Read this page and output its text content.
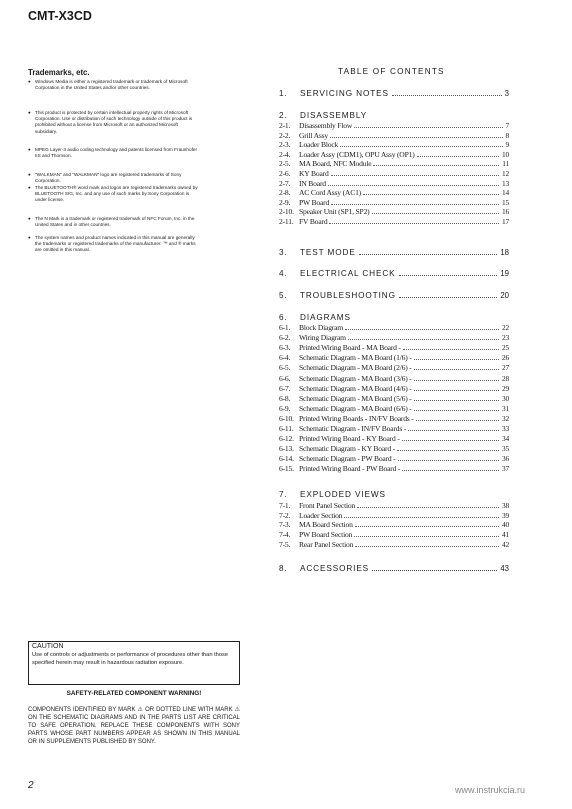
CMT-X3CD
Trademarks, etc.
● Windows Media is either a registered trademark or trademark of Microsoft Corporation in the United States and/or other countries.
● This product is protected by certain intellectual property rights of Microsoft Corporation. Use or distribution of such technology outside of this product is prohibited without a license from Microsoft or an authorized Microsoft subsidiary.
● MPEG Layer-3 audio coding technology and patents licensed from Fraunhofer IIS and Thomson.
● "WALKMAN" and "WALKMAN" logo are registered trademarks of Sony Corporation.
● The BLUETOOTH® word mark and logos are registered trademarks owned by BLUETOOTH SIG, Inc. and any use of such marks by Sony Corporation is under license.
● The N Mark is a trademark or registered trademark of NFC Forum, Inc. in the United States and in other countries.
● The system names and product names indicated in this manual are generally the trademarks or registered trademarks of the manufacturer. ™ and ® marks are omitted in this manual.
TABLE OF CONTENTS
1.	SERVICING NOTES	3
2. DISASSEMBLY
2-1.	Disassembly Flow	7
2-2.	Grill Assy	8
2-3.	Loader Block	9
2-4.	Loader Assy (CDM1), OPU Assy (OP1)	10
2-5.	MA Board, NFC Module	11
2-6.	KY Board	12
2-7.	IN Board	13
2-8.	AC Cord Assy (AC1)	14
2-9.	PW Board	15
2-10. Speaker Unit (SP1, SP2)	16
2-11. FV Board	17
3.	TEST MODE	18
4.	ELECTRICAL CHECK	19
5.	TROUBLESHOOTING	20
6. DIAGRAMS
6-1.	Block Diagram	22
6-2.	Wiring Diagram	23
6-3.	Printed Wiring Board - MA Board -	25
6-4.	Schematic Diagram - MA Board (1/6) -	26
6-5.	Schematic Diagram - MA Board (2/6) -	27
6-6.	Schematic Diagram - MA Board (3/6) -	28
6-7.	Schematic Diagram - MA Board (4/6) -	29
6-8.	Schematic Diagram - MA Board (5/6) -	30
6-9.	Schematic Diagram - MA Board (6/6) -	31
6-10. Printed Wiring Boards - IN/FV Boards -	32
6-11. Schematic Diagram - IN/FV Boards -	33
6-12. Printed Wiring Board - KY Board -	34
6-13. Schematic Diagram - KY Board -	35
6-14. Schematic Diagram - PW Board -	36
6-15. Printed Wiring Board - PW Board -	37
7. EXPLODED VIEWS
7-1.	Front Panel Section	38
7-2.	Loader Section	39
7-3.	MA Board Section	40
7-4.	PW Board Section	41
7-5.	Rear Panel Section	42
8.	ACCESSORIES	43
CAUTION
Use of controls or adjustments or performance of procedures other than those specified herein may result in hazardous radiation exposure.
SAFETY-RELATED COMPONENT WARNING!
COMPONENTS IDENTIFIED BY MARK ⚠ OR DOTTED LINE WITH MARK ⚠ ON THE SCHEMATIC DIAGRAMS AND IN THE PARTS LIST ARE CRITICAL TO SAFE OPERATION. REPLACE THESE COMPONENTS WITH SONY PARTS WHOSE PART NUMBERS APPEAR AS SHOWN IN THIS MANUAL OR IN SUPPLEMENTS PUBLISHED BY SONY.
2	www.instrukcia.ru
